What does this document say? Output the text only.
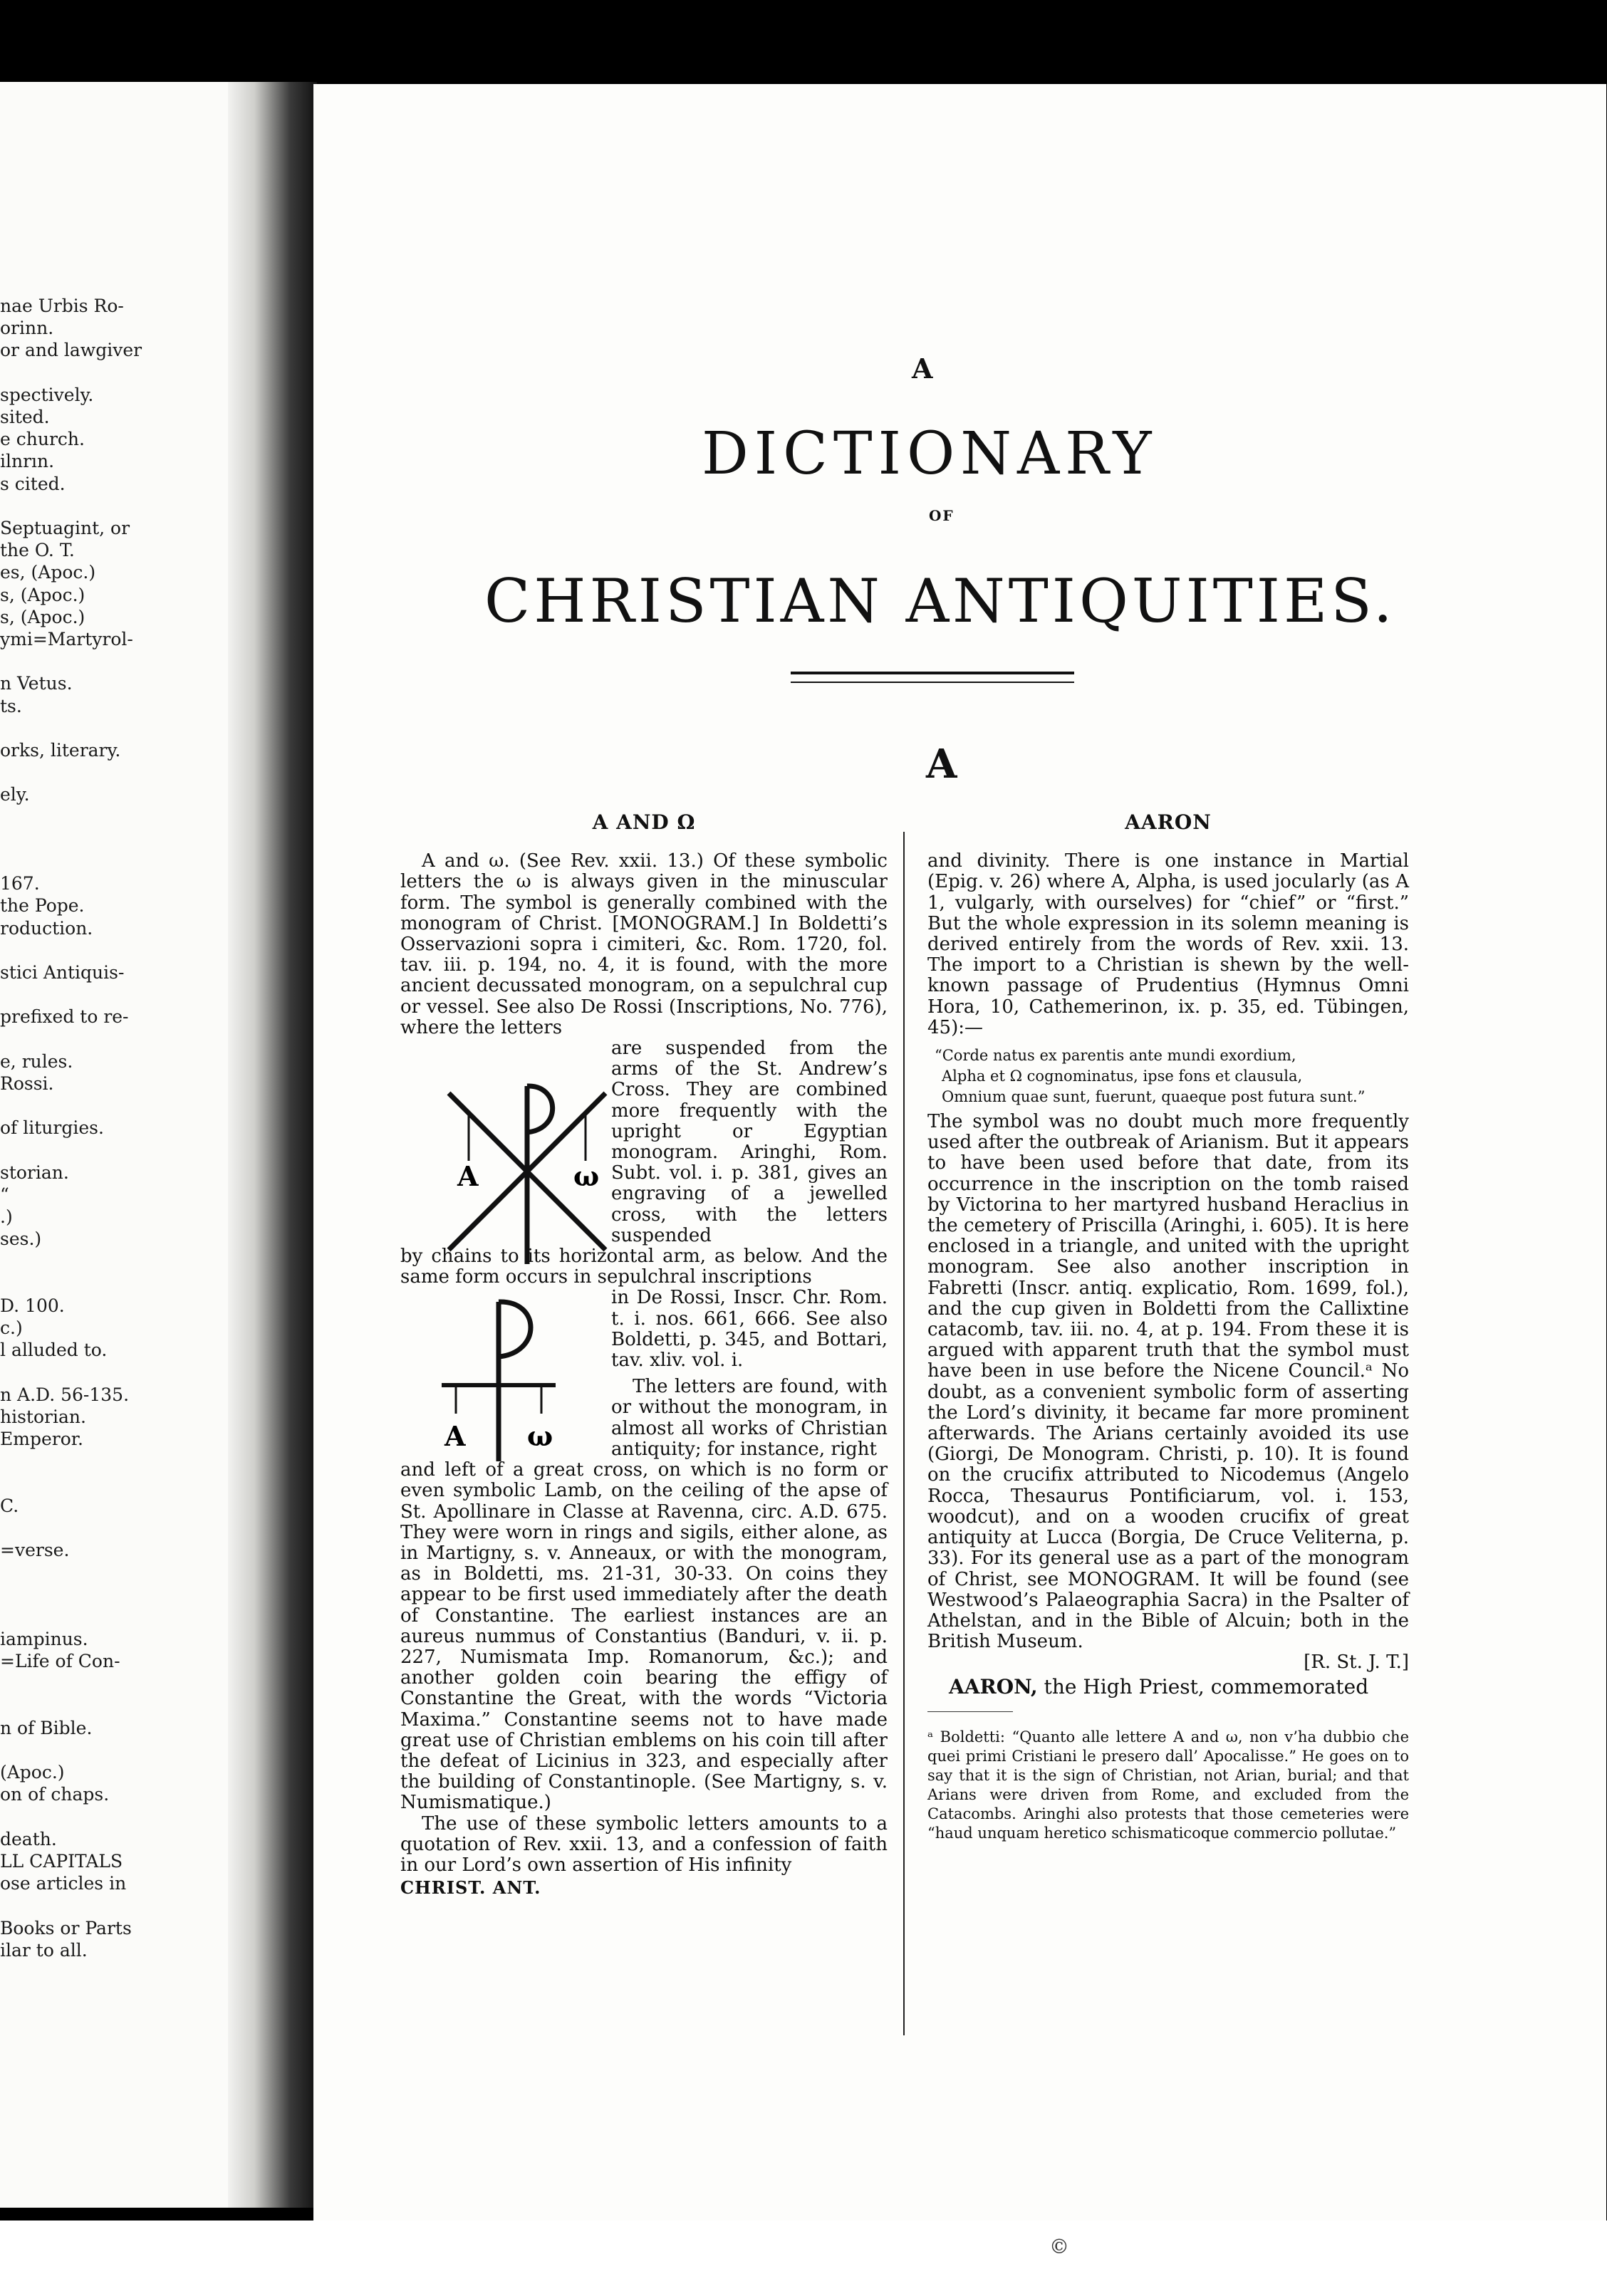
nae Urbis Ro-
orinn.
or and lawgiver
spectively.
sited.
e church.
ilnrın.
s cited.
Septuagint, or
the O. T.
es, (Apoc.)
s, (Apoc.)
s, (Apoc.)
ymi=Martyrol-
n Vetus.
ts.
orks, literary.
ely.
167.
the Pope.
roduction.
stici Antiquis-
prefixed to re-
e, rules.
Rossi.
of liturgies.
storian.
“
.)
ses.)
D. 100.
c.)
l alluded to.
n A.D. 56-135.
historian.
Emperor.
C.
=verse.
iampinus.
=Life of Con-
n of Bible.
(Apoc.)
on of chaps.
death.
LL CAPITALS
ose articles in
Books or Parts
ilar to all.
A
DICTIONARY
OF
CHRISTIAN ANTIQUITIES.
A

A AND Ω

A and ω. (See Rev. xxii. 13.) Of these symbolic letters the ω is always given in the minuscular form. The symbol is generally combined with the monogram of Christ. [MONOGRAM.] In Boldetti’s Osservazioni sopra i cimiteri, &c. Rom. 1720, fol. tav. iii. p. 194, no. 4, it is found, with the more ancient decussated monogram, on a sepulchral cup or vessel. See also De Rossi (Inscriptions, No. 776), where the letters

are suspended from the arms of the St. Andrew’s Cross. They are combined more frequently with the upright or Egyptian monogram. Aringhi, Rom. Subt. vol. i. p. 381, gives an engraving of a jewelled cross, with the letters suspended

by chains to its horizontal arm, as below. And the same form occurs in sepulchral inscriptions

in De Rossi, Inscr. Chr. Rom. t. i. nos. 661, 666. See also Boldetti, p. 345, and Bottari, tav. xliv. vol. i.

The letters are found, with or without the monogram, in almost all works of Christian antiquity; for instance, right

and left of a great cross, on which is no form or even symbolic Lamb, on the ceiling of the apse of St. Apollinare in Classe at Ravenna, circ. A.D. 675. They were worn in rings and sigils, either alone, as in Martigny, s. v. Anneaux, or with the monogram, as in Boldetti, ms. 21-31, 30-33. On coins they appear to be first used immediately after the death of Constantine. The earliest instances are an aureus nummus of Constantius (Banduri, v. ii. p. 227, Numismata Imp. Romanorum, &c.); and another golden coin bearing the effigy of Constantine the Great, with the words “Victoria Maxima.” Constantine seems not to have made great use of Christian emblems on his coin till after the defeat of Licinius in 323, and especially after the building of Constantinople. (See Martigny, s. v. Numismatique.)

The use of these symbolic letters amounts to a quotation of Rev. xxii. 13, and a confession of faith in our Lord’s own assertion of His infinity

CHRIST. ANT.

A	ω
A ω

AARON

and divinity. There is one instance in Martial (Epig. v. 26) where A, Alpha, is used jocularly (as A 1, vulgarly, with ourselves) for “chief” or “first.” But the whole expression in its solemn meaning is derived entirely from the words of Rev. xxii. 13. The import to a Christian is shewn by the well-known passage of Prudentius (Hymnus Omni Hora, 10, Cathemerinon, ix. p. 35, ed. Tübingen, 45):—

“Corde natus ex parentis ante mundi exordium,
Alpha et Ω cognominatus, ipse fons et clausula,
Omnium quae sunt, fuerunt, quaeque post futura sunt.”

The symbol was no doubt much more frequently used after the outbreak of Arianism. But it appears to have been used before that date, from its occurrence in the inscription on the tomb raised by Victorina to her martyred husband Heraclius in the cemetery of Priscilla (Aringhi, i. 605). It is here enclosed in a triangle, and united with the upright monogram. See also another inscription in Fabretti (Inscr. antiq. explicatio, Rom. 1699, fol.), and the cup given in Boldetti from the Callixtine catacomb, tav. iii. no. 4, at p. 194. From these it is argued with apparent truth that the symbol must have been in use before the Nicene Council.ᵃ No doubt, as a convenient symbolic form of asserting the Lord’s divinity, it became far more prominent afterwards. The Arians certainly avoided its use (Giorgi, De Monogram. Christi, p. 10). It is found on the crucifix attributed to Nicodemus (Angelo Rocca, Thesaurus Pontificiarum, vol. i. 153, woodcut), and on a wooden crucifix of great antiquity at Lucca (Borgia, De Cruce Veliterna, p. 33). For its general use as a part of the monogram of Christ, see MONOGRAM. It will be found (see Westwood’s Palaeographia Sacra) in the Psalter of Athelstan, and in the Bible of Alcuin; both in the British Museum.

[R. St. J. T.]

AARON, the High Priest, commemorated

ᵃ Boldetti: “Quanto alle lettere A and ω, non v’ha dubbio che quei primi Cristiani le presero dall’ Apocalisse.” He goes on to say that it is the sign of Christian, not Arian, burial; and that Arians were driven from Rome, and excluded from the Catacombs. Aringhi also protests that those cemeteries were “haud unquam heretico schismaticoque commercio pollutae.”

©
